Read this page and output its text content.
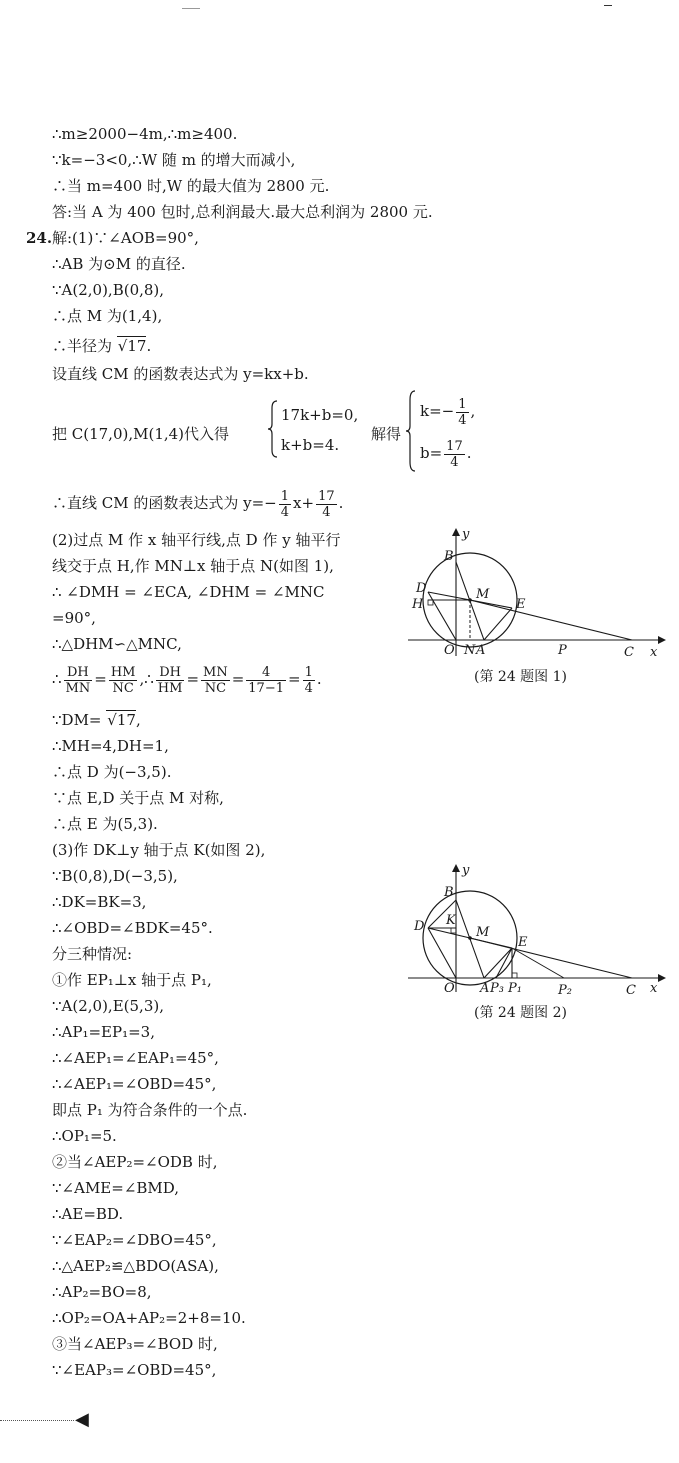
∴m≥2000−4m,∴m≥400.
∵k=−3<0,∴W 随 m 的增大而减小,
∴当 m=400 时,W 的最大值为 2800 元.
答:当 A 为 400 包时,总利润最大.最大总利润为 2800 元.
24. 解:(1)∵∠AOB=90°,
∴AB 为⊙M 的直径.
∵A(2,0),B(0,8),
∴点 M 为(1,4),
∴半径为 √17.
设直线 CM 的函数表达式为 y=kx+b.
把 C(17,0),M(1,4)代入得
17k+b=0,
k+b=4.
解得
$k=- \frac{1}{4}$ ,
$b= \frac{17}{4}$ .
∴直线 CM 的函数表达式为 $y=- \frac{1}{4} x+ \frac{17}{4}$ .
(2)过点 M 作 x 轴平行线,点 D 作 y 轴平行
线交于点 H,作 MN⊥x 轴于点 N(如图 1),
∴ ∠DMH = ∠ECA, ∠DHM = ∠MNC
=90°,
∴△DHM∽△MNC,
∴ $\frac{DH}{MN} = \frac{HM}{NC}$ ,∴ $\frac{DH}{HM} = \frac{MN}{NC} = \frac{4}{17-1} = \frac{1}{4}$ .
∵DM= √17,
∴MH=4,DH=1,
∴点 D 为(−3,5).
∵点 E,D 关于点 M 对称,
∴点 E 为(5,3).
(3)作 DK⊥y 轴于点 K(如图 2),
∵B(0,8),D(−3,5),
∴DK=BK=3,
∴∠OBD=∠BDK=45°.
分三种情况:
①作 EP₁⊥x 轴于点 P₁,
∵A(2,0),E(5,3),
∴AP₁=EP₁=3,
∴∠AEP₁=∠EAP₁=45°,
∴∠AEP₁=∠OBD=45°,
即点 P₁ 为符合条件的一个点.
∴OP₁=5.
②当∠AEP₂=∠ODB 时,
∵∠AME=∠BMD,
∴AE=BD.
∵∠EAP₂=∠DBO=45°,
∴△AEP₂≌△BDO(ASA),
∴AP₂=BO=8,
∴OP₂=OA+AP₂=2+8=10.
③当∠AEP₃=∠BOD 时,
∵∠EAP₃=∠OBD=45°,
y
x
B
D
H
M
E
O N A	P	C
(第 24 题图 1)
y
x
B
K
D	M
E
O A P₃ P₁	P₂	C
(第 24 题图 2)
◀
